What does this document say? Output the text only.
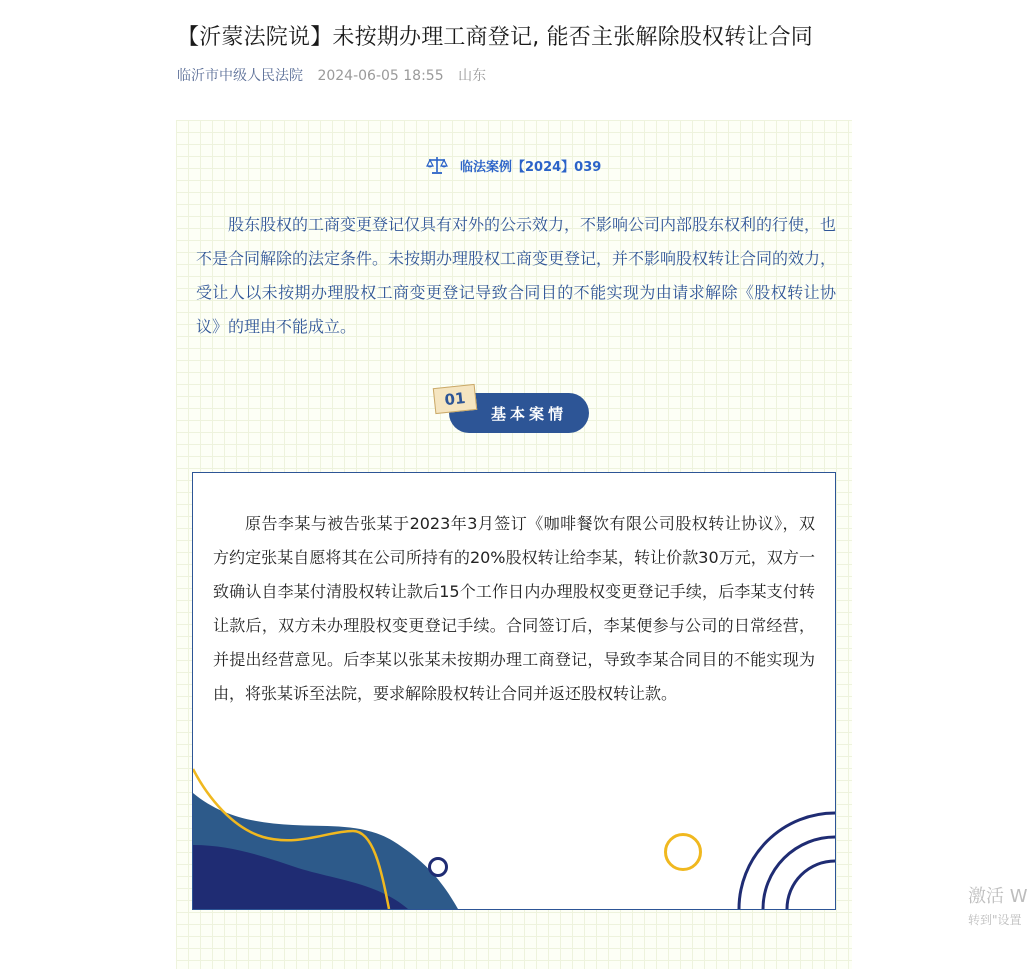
【沂蒙法院说】未按期办理工商登记, 能否主张解除股权转让合同
临沂市中级人民法院 2024-06-05 18:55 山东
临法案例【2024】039

股东股权的工商变更登记仅具有对外的公示效力，不影响公司内部股东权利的行使，也不是合同解除的法定条件。未按期办理股权工商变更登记，并不影响股权转让合同的效力，受让人以未按期办理股权工商变更登记导致合同目的不能实现为由请求解除《股权转让协议》的理由不能成立。

基本案情
01

原告李某与被告张某于2023年3月签订《咖啡餐饮有限公司股权转让协议》，双方约定张某自愿将其在公司所持有的20%股权转让给李某，转让价款30万元，双方一致确认自李某付清股权转让款后15个工作日内办理股权变更登记手续，后李某支付转让款后，双方未办理股权变更登记手续。合同签订后，李某便参与公司的日常经营，并提出经营意见。后李某以张某未按期办理工商登记，导致李某合同目的不能实现为由，将张某诉至法院，要求解除股权转让合同并返还股权转让款。

激活 W
转到"设置
